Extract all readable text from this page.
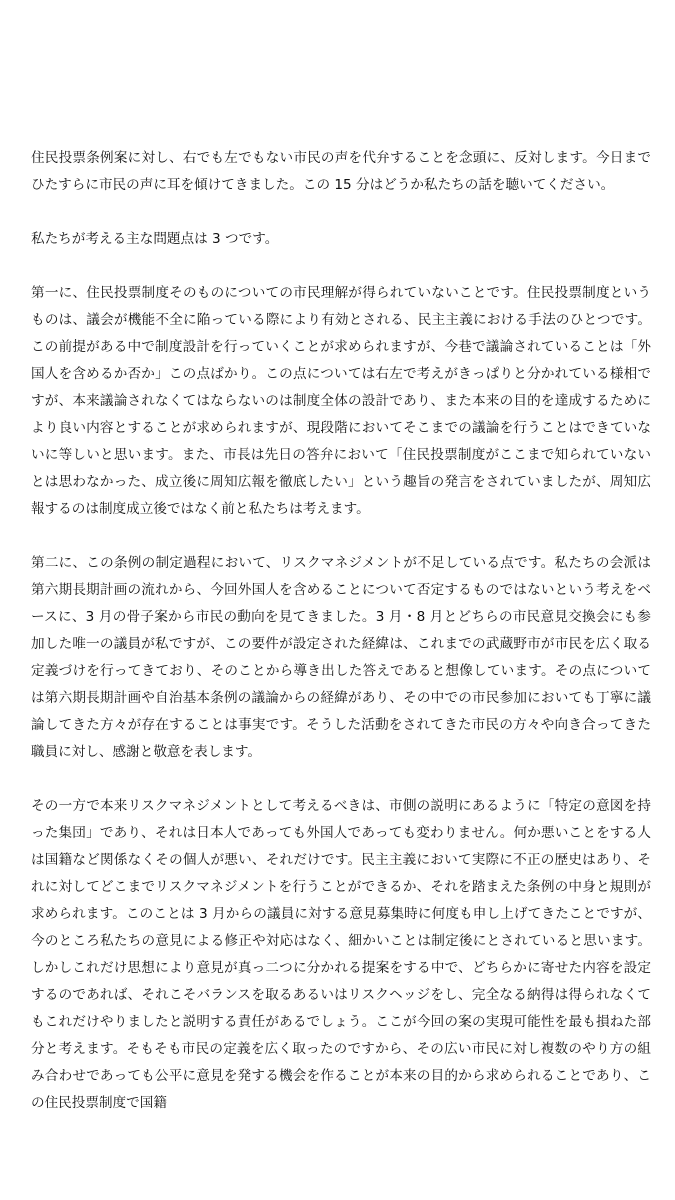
住民投票条例案に対し、右でも左でもない市民の声を代弁することを念頭に、反対します。今日までひたすらに市民の声に耳を傾けてきました。この 15 分はどうか私たちの話を聴いてください。

私たちが考える主な問題点は 3 つです。

第一に、住民投票制度そのものについての市民理解が得られていないことです。住民投票制度というものは、議会が機能不全に陥っている際により有効とされる、民主主義における手法のひとつです。この前提がある中で制度設計を行っていくことが求められますが、今巷で議論されていることは「外国人を含めるか否か」この点ばかり。この点については右左で考えがきっぱりと分かれている様相ですが、本来議論されなくてはならないのは制度全体の設計であり、また本来の目的を達成するためにより良い内容とすることが求められますが、現段階においてそこまでの議論を行うことはできていないに等しいと思います。また、市長は先日の答弁において「住民投票制度がここまで知られていないとは思わなかった、成立後に周知広報を徹底したい」という趣旨の発言をされていましたが、周知広報するのは制度成立後ではなく前と私たちは考えます。

第二に、この条例の制定過程において、リスクマネジメントが不足している点です。私たちの会派は第六期長期計画の流れから、今回外国人を含めることについて否定するものではないという考えをベースに、3 月の骨子案から市民の動向を見てきました。3 月・8 月とどちらの市民意見交換会にも参加した唯一の議員が私ですが、この要件が設定された経緯は、これまでの武蔵野市が市民を広く取る定義づけを行ってきており、そのことから導き出した答えであると想像しています。その点については第六期長期計画や自治基本条例の議論からの経緯があり、その中での市民参加においても丁寧に議論してきた方々が存在することは事実です。そうした活動をされてきた市民の方々や向き合ってきた職員に対し、感謝と敬意を表します。

その一方で本来リスクマネジメントとして考えるべきは、市側の説明にあるように「特定の意図を持った集団」であり、それは日本人であっても外国人であっても変わりません。何か悪いことをする人は国籍など関係なくその個人が悪い、それだけです。民主主義において実際に不正の歴史はあり、それに対してどこまでリスクマネジメントを行うことができるか、それを踏まえた条例の中身と規則が求められます。このことは 3 月からの議員に対する意見募集時に何度も申し上げてきたことですが、今のところ私たちの意見による修正や対応はなく、細かいことは制定後にとされていると思います。しかしこれだけ思想により意見が真っ二つに分かれる提案をする中で、どちらかに寄せた内容を設定するのであれば、それこそバランスを取るあるいはリスクヘッジをし、完全なる納得は得られなくてもこれだけやりましたと説明する責任があるでしょう。ここが今回の案の実現可能性を最も損ねた部分と考えます。そもそも市民の定義を広く取ったのですから、その広い市民に対し複数のやり方の組み合わせであっても公平に意見を発する機会を作ることが本来の目的から求められることであり、この住民投票制度で国籍
